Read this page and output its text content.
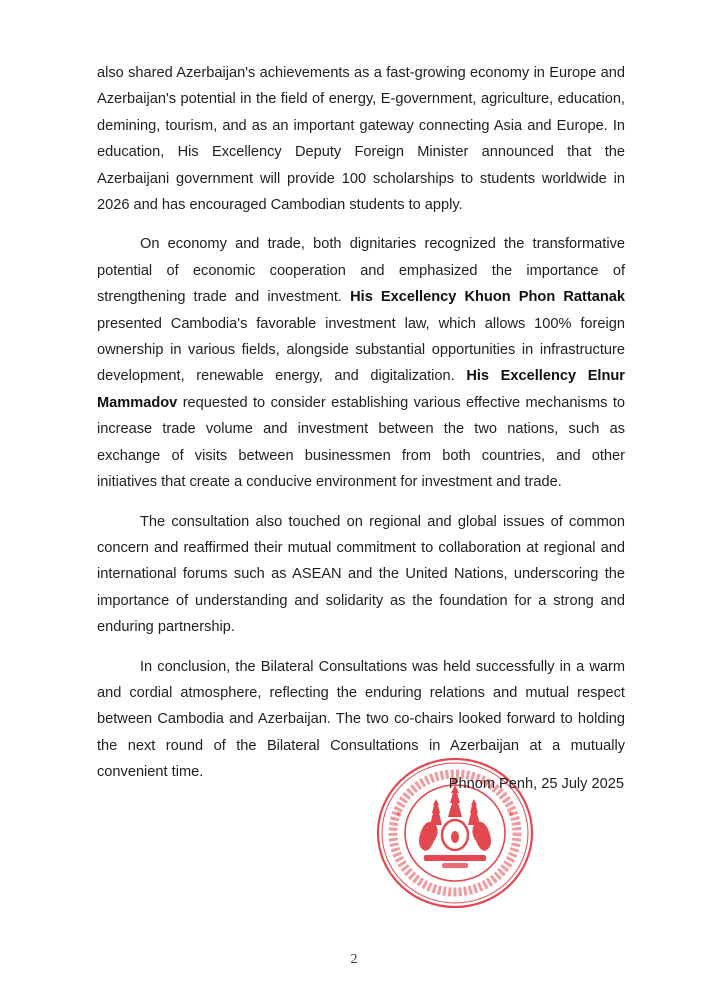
also shared Azerbaijan's achievements as a fast-growing economy in Europe and Azerbaijan's potential in the field of energy, E-government, agriculture, education, demining, tourism, and as an important gateway connecting Asia and Europe. In education, His Excellency Deputy Foreign Minister announced that the Azerbaijani government will provide 100 scholarships to students worldwide in 2026 and has encouraged Cambodian students to apply.

On economy and trade, both dignitaries recognized the transformative potential of economic cooperation and emphasized the importance of strengthening trade and investment. His Excellency Khuon Phon Rattanak presented Cambodia's favorable investment law, which allows 100% foreign ownership in various fields, alongside substantial opportunities in infrastructure development, renewable energy, and digitalization. His Excellency Elnur Mammadov requested to consider establishing various effective mechanisms to increase trade volume and investment between the two nations, such as exchange of visits between businessmen from both countries, and other initiatives that create a conducive environment for investment and trade.

The consultation also touched on regional and global issues of common concern and reaffirmed their mutual commitment to collaboration at regional and international forums such as ASEAN and the United Nations, underscoring the importance of understanding and solidarity as the foundation for a strong and enduring partnership.

In conclusion, the Bilateral Consultations was held successfully in a warm and cordial atmosphere, reflecting the enduring relations and mutual respect between Cambodia and Azerbaijan. The two co-chairs looked forward to holding the next round of the Bilateral Consultations in Azerbaijan at a mutually convenient time.

*	*
Phnom Penh, 25 July 2025
2
